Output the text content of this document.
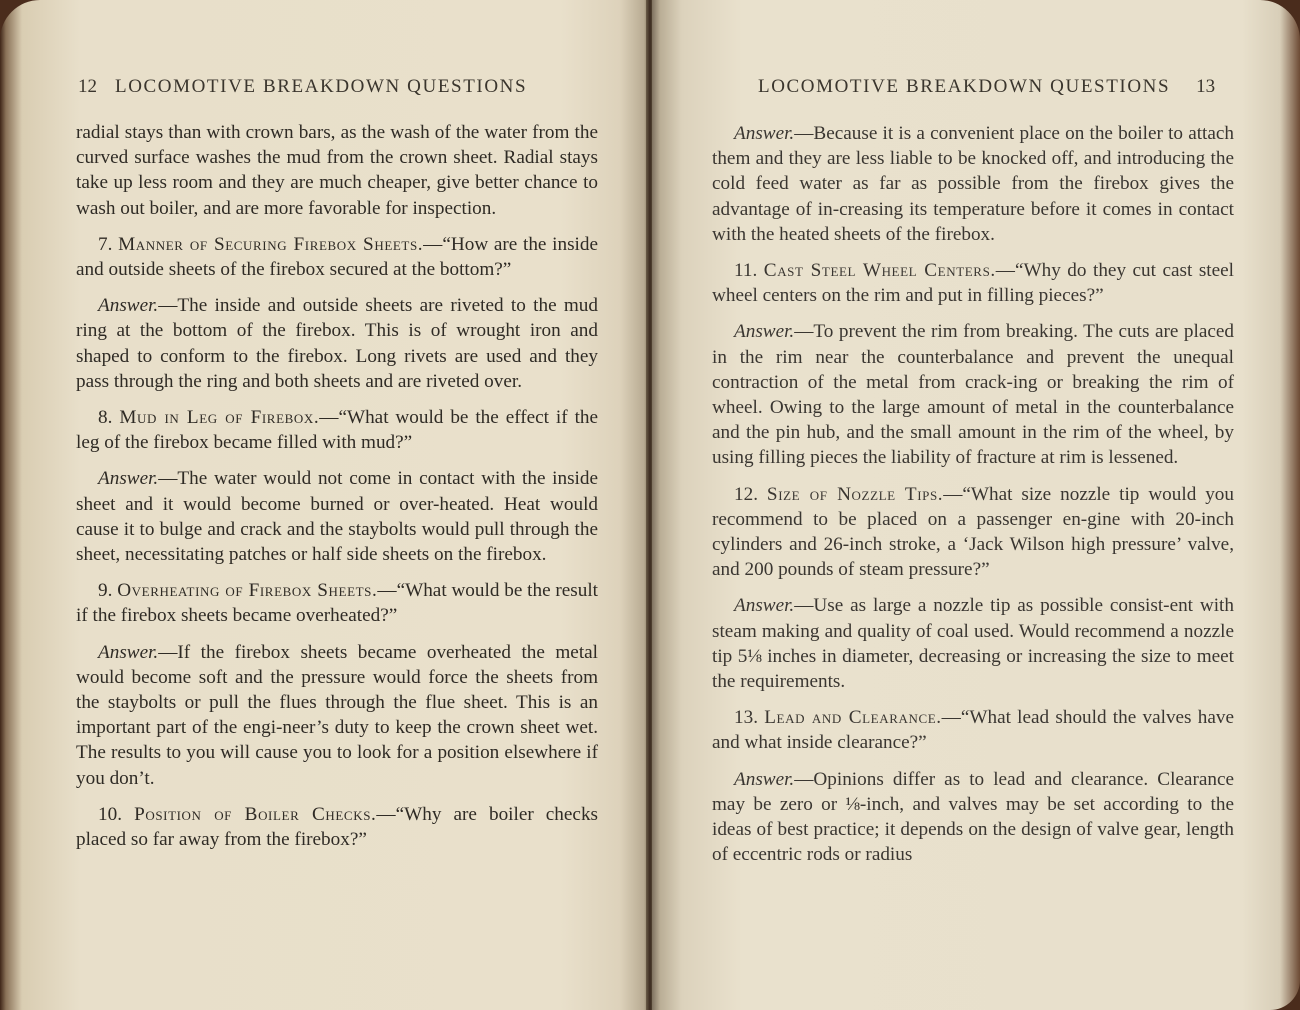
12 LOCOMOTIVE BREAKDOWN QUESTIONS

radial stays than with crown bars, as the wash of the water from the curved surface washes the mud from the crown sheet. Radial stays take up less room and they are much cheaper, give better chance to wash out boiler, and are more favorable for inspection.

7. Manner of Securing Firebox Sheets.—“How are the inside and outside sheets of the firebox secured at the bottom?”

Answer.—The inside and outside sheets are riveted to the mud ring at the bottom of the firebox. This is of wrought iron and shaped to conform to the firebox. Long rivets are used and they pass through the ring and both sheets and are riveted over.

8. Mud in Leg of Firebox.—“What would be the effect if the leg of the firebox became filled with mud?”

Answer.—The water would not come in contact with the inside sheet and it would become burned or over-heated. Heat would cause it to bulge and crack and the staybolts would pull through the sheet, necessitating patches or half side sheets on the firebox.

9. Overheating of Firebox Sheets.—“What would be the result if the firebox sheets became overheated?”

Answer.—If the firebox sheets became overheated the metal would become soft and the pressure would force the sheets from the staybolts or pull the flues through the flue sheet. This is an important part of the engi-neer’s duty to keep the crown sheet wet. The results to you will cause you to look for a position elsewhere if you don’t.

10. Position of Boiler Checks.—“Why are boiler checks placed so far away from the firebox?”

LOCOMOTIVE BREAKDOWN QUESTIONS 13

Answer.—Because it is a convenient place on the boiler to attach them and they are less liable to be knocked off, and introducing the cold feed water as far as possible from the firebox gives the advantage of in-creasing its temperature before it comes in contact with the heated sheets of the firebox.

11. Cast Steel Wheel Centers.—“Why do they cut cast steel wheel centers on the rim and put in filling pieces?”

Answer.—To prevent the rim from breaking. The cuts are placed in the rim near the counterbalance and prevent the unequal contraction of the metal from crack-ing or breaking the rim of wheel. Owing to the large amount of metal in the counterbalance and the pin hub, and the small amount in the rim of the wheel, by using filling pieces the liability of fracture at rim is lessened.

12. Size of Nozzle Tips.—“What size nozzle tip would you recommend to be placed on a passenger en-gine with 20-inch cylinders and 26-inch stroke, a ‘Jack Wilson high pressure’ valve, and 200 pounds of steam pressure?”

Answer.—Use as large a nozzle tip as possible consist-ent with steam making and quality of coal used. Would recommend a nozzle tip 5⅛ inches in diameter, decreasing or increasing the size to meet the requirements.

13. Lead and Clearance.—“What lead should the valves have and what inside clearance?”

Answer.—Opinions differ as to lead and clearance. Clearance may be zero or ⅛-inch, and valves may be set according to the ideas of best practice; it depends on the design of valve gear, length of eccentric rods or radius
